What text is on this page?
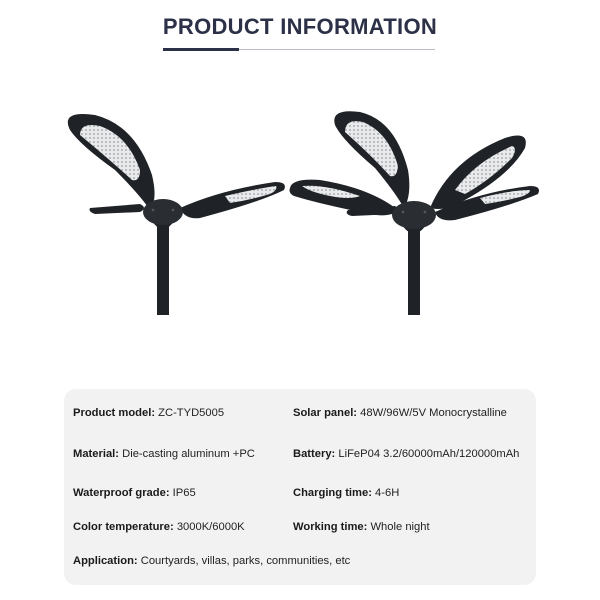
PRODUCT INFORMATION
Product model: ZC-TYD5005	Solar panel: 48W/96W/5V Monocrystalline
Material: Die-casting aluminum +PC	Battery: LiFeP04 3.2/60000mAh/120000mAh
Waterproof grade: IP65	Charging time: 4-6H
Color temperature: 3000K/6000K	Working time: Whole night
Application: Courtyards, villas, parks, communities, etc
